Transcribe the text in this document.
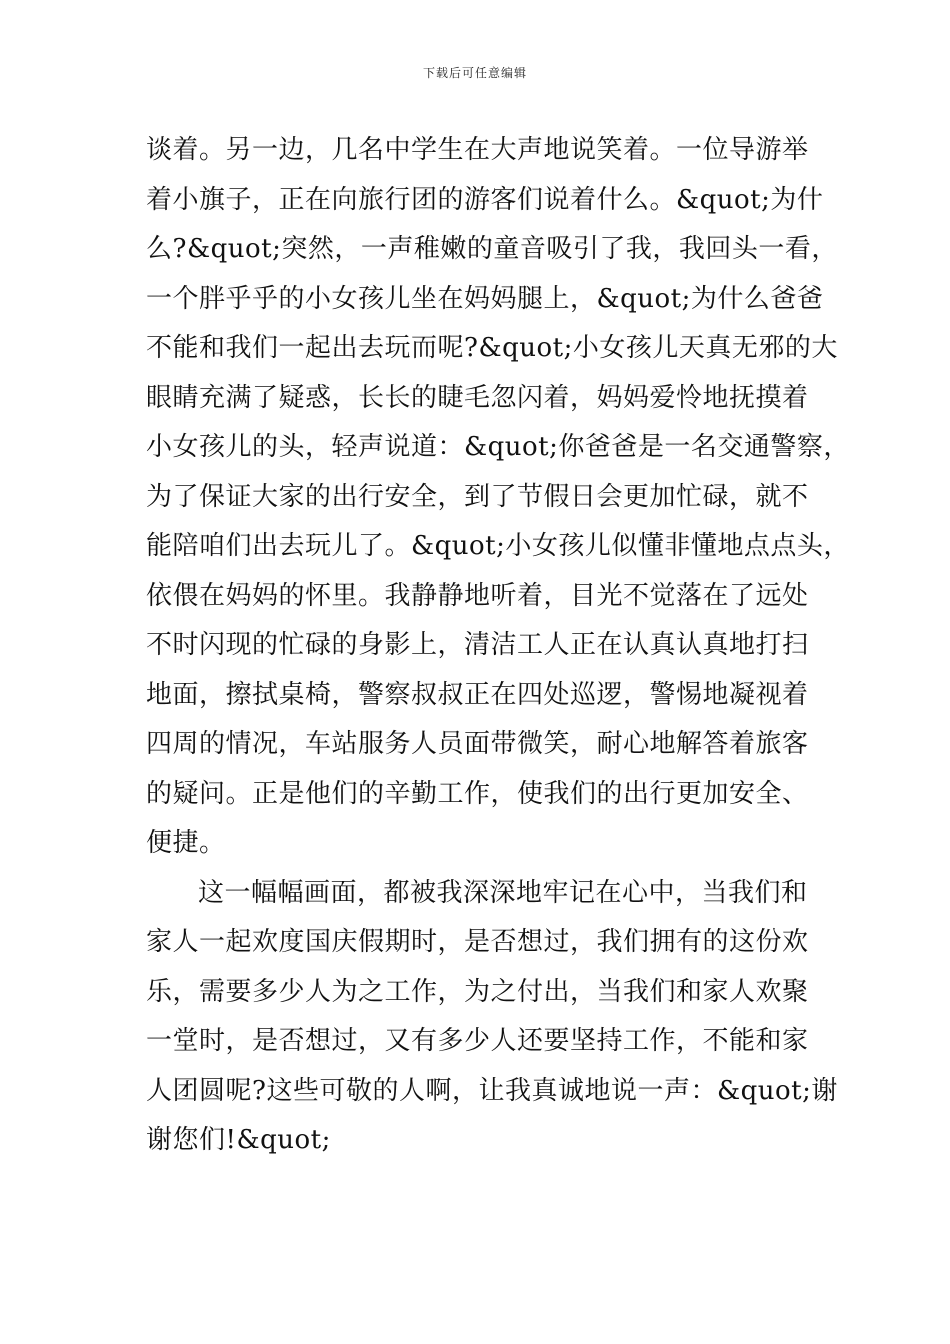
下载后可任意编辑
谈着。另一边，几名中学生在大声地说笑着。一位导游举
着小旗子，正在向旅行团的游客们说着什么。&quot;为什
么?&quot;突然，一声稚嫩的童音吸引了我，我回头一看，
一个胖乎乎的小女孩儿坐在妈妈腿上，&quot;为什么爸爸
不能和我们一起出去玩而呢?&quot;小女孩儿天真无邪的大
眼睛充满了疑惑，长长的睫毛忽闪着，妈妈爱怜地抚摸着
小女孩儿的头，轻声说道：&quot;你爸爸是一名交通警察，
为了保证大家的出行安全，到了节假日会更加忙碌，就不
能陪咱们出去玩儿了。&quot;小女孩儿似懂非懂地点点头，
依偎在妈妈的怀里。我静静地听着，目光不觉落在了远处
不时闪现的忙碌的身影上，清洁工人正在认真认真地打扫
地面，擦拭桌椅，警察叔叔正在四处巡逻，警惕地凝视着
四周的情况，车站服务人员面带微笑，耐心地解答着旅客
的疑问。正是他们的辛勤工作，使我们的出行更加安全、
便捷。
这一幅幅画面，都被我深深地牢记在心中，当我们和
家人一起欢度国庆假期时，是否想过，我们拥有的这份欢
乐，需要多少人为之工作，为之付出，当我们和家人欢聚
一堂时，是否想过，又有多少人还要坚持工作，不能和家
人团圆呢?这些可敬的人啊，让我真诚地说一声：&quot;谢
谢您们!&quot;
